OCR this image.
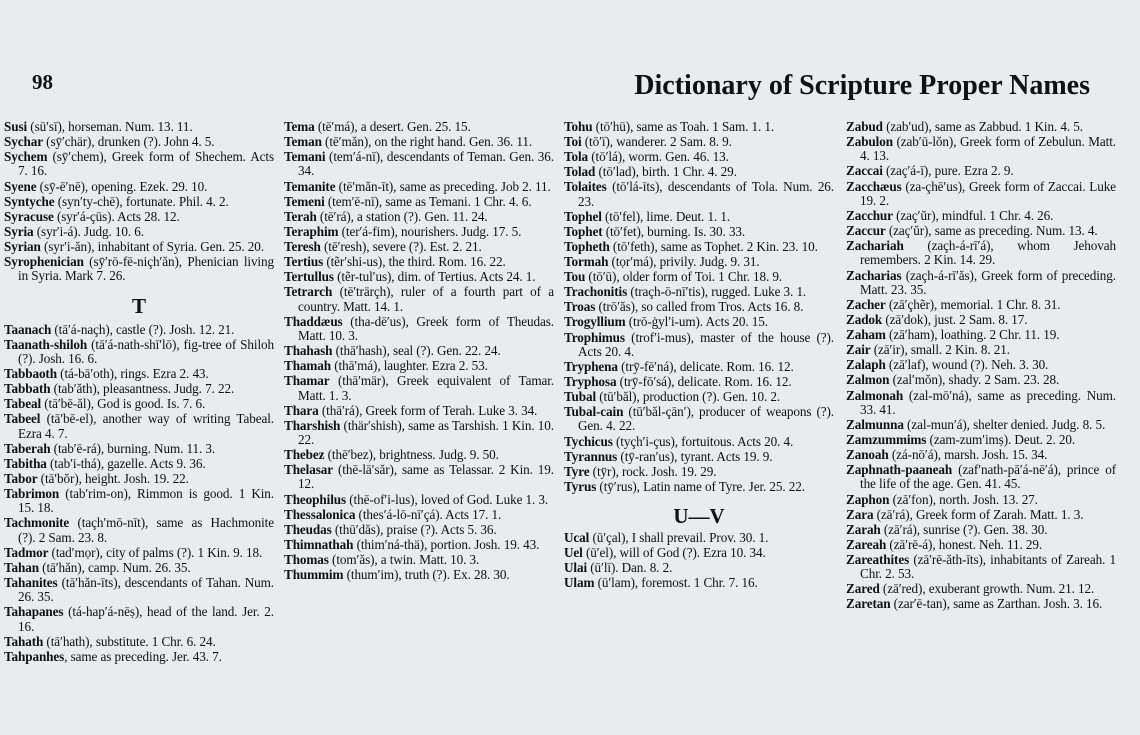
98	Dictionary of Scripture Proper Names

Susi (sū′sī), horseman. Num. 13. 11.

Sychar (sȳ′chär), drunken (?). John 4. 5.

Sychem (sȳ′chem), Greek form of Shechem. Acts 7. 16.

Syene (sȳ-ē′nē), opening. Ezek. 29. 10.

Syntyche (syn′ty-chē), fortunate. Phil. 4. 2.

Syracuse (syr′á-çūs). Acts 28. 12.

Syria (syr′i-á). Judg. 10. 6.

Syrian (syr′i-ăn), inhabitant of Syria. Gen. 25. 20.

Syrophenician (sȳ′rō-fē-niçh′ăn), Phenician living in Syria. Mark 7. 26.

T

Taanach (tā′á-naçh), castle (?). Josh. 12. 21.

Taanath-shiloh (tā′á-nath-shī′lō), fig-tree of Shiloh (?). Josh. 16. 6.

Tabbaoth (tá-bā′oth), rings. Ezra 2. 43.

Tabbath (tab′ăth), pleasantness. Judg. 7. 22.

Tabeal (tā′bē-ăl), God is good. Is. 7. 6.

Tabeel (tā′bē-el), another way of writing Tabeal. Ezra 4. 7.

Taberah (tab′ē-rá), burning. Num. 11. 3.

Tabitha (tab′i-thá), gazelle. Acts 9. 36.

Tabor (tā′bŏr), height. Josh. 19. 22.

Tabrimon (tab′rim-on), Rimmon is good. 1 Kin. 15. 18.

Tachmonite (taçh′mō-nīt), same as Hachmonite (?). 2 Sam. 23. 8.

Tadmor (tad′mọr), city of palms (?). 1 Kin. 9. 18.

Tahan (tā′hăn), camp. Num. 26. 35.

Tahanites (tā′hăn-īts), descendants of Tahan. Num. 26. 35.

Tahapanes (tá-hap′á-nēṣ), head of the land. Jer. 2. 16.

Tahath (tā′hath), substitute. 1 Chr. 6. 24.

Tahpanhes, same as preceding. Jer. 43. 7.

Tema (tē′má), a desert. Gen. 25. 15.

Teman (tē′măn), on the right hand. Gen. 36. 11.

Temani (tem′á-nī), descendants of Teman. Gen. 36. 34.

Temanite (tē′măn-īt), same as preceding. Job 2. 11.

Temeni (tem′ē-nī), same as Temani. 1 Chr. 4. 6.

Terah (tē′rá), a station (?). Gen. 11. 24.

Teraphim (ter′á-fim), nourishers. Judg. 17. 5.

Teresh (tē′resh), severe (?). Est. 2. 21.

Tertius (tẽr′shi-us), the third. Rom. 16. 22.

Tertullus (tẽr-tul′us), dim. of Tertius. Acts 24. 1.

Tetrarch (tē′trärçh), ruler of a fourth part of a country. Matt. 14. 1.

Thaddæus (tha-dē′us), Greek form of Theudas. Matt. 10. 3.

Thahash (thā′hash), seal (?). Gen. 22. 24.

Thamah (thā′má), laughter. Ezra 2. 53.

Thamar (thā′mär), Greek equivalent of Tamar. Matt. 1. 3.

Thara (thā′rá), Greek form of Terah. Luke 3. 34.

Tharshish (thär′shish), same as Tarshish. 1 Kin. 10. 22.

Thebez (thē′bez), brightness. Judg. 9. 50.

Thelasar (thē-lā′săr), same as Telassar. 2 Kin. 19. 12.

Theophilus (thē-of′i-lus), loved of God. Luke 1. 3.

Thessalonica (thes′á-lō-nī′çá). Acts 17. 1.

Theudas (thū′dăs), praise (?). Acts 5. 36.

Thimnathah (thim′ná-thä), portion. Josh. 19. 43.

Thomas (tom′ăs), a twin. Matt. 10. 3.

Thummim (thum′im), truth (?). Ex. 28. 30.

Tohu (tō′hū), same as Toah. 1 Sam. 1. 1.

Toi (tō′ī), wanderer. 2 Sam. 8. 9.

Tola (tō′lá), worm. Gen. 46. 13.

Tolad (tō′lad), birth. 1 Chr. 4. 29.

Tolaites (tō′lá-īts), descendants of Tola. Num. 26. 23.

Tophel (tō′fel), lime. Deut. 1. 1.

Tophet (tō′fet), burning. Is. 30. 33.

Topheth (tō′feth), same as Tophet. 2 Kin. 23. 10.

Tormah (tọr′má), privily. Judg. 9. 31.

Tou (tō′ū), older form of Toi. 1 Chr. 18. 9.

Trachonitis (traçh-ō-nī′tis), rugged. Luke 3. 1.

Troas (trō′ăs), so called from Tros. Acts 16. 8.

Trogyllium (trō-ġyl′i-um). Acts 20. 15.

Trophimus (trof′i-mus), master of the house (?). Acts 20. 4.

Tryphena (trȳ-fē′ná), delicate. Rom. 16. 12.

Tryphosa (trȳ-fō′sá), delicate. Rom. 16. 12.

Tubal (tū′băl), production (?). Gen. 10. 2.

Tubal-cain (tū′băl-çān′), producer of weapons (?). Gen. 4. 22.

Tychicus (tyçh′i-çus), fortuitous. Acts 20. 4.

Tyrannus (tȳ-ran′us), tyrant. Acts 19. 9.

Tyre (tȳr), rock. Josh. 19. 29.

Tyrus (tȳ′rus), Latin name of Tyre. Jer. 25. 22.

U—V

Ucal (ū′çal), I shall prevail. Prov. 30. 1.

Uel (ū′el), will of God (?). Ezra 10. 34.

Ulai (ū′lī). Dan. 8. 2.

Ulam (ū′lam), foremost. 1 Chr. 7. 16.

Zabud (zab′ud), same as Zabbud. 1 Kin. 4. 5.

Zabulon (zab′ū-lŏn), Greek form of Zebulun. Matt. 4. 13.

Zaccai (zaç′á-ī), pure. Ezra 2. 9.

Zacchæus (za-çhē′us), Greek form of Zaccai. Luke 19. 2.

Zacchur (zaç′ŭr), mindful. 1 Chr. 4. 26.

Zaccur (zaç′ŭr), same as preceding. Num. 13. 4.

Zachariah (zaçh-á-rī′á), whom Jehovah remembers. 2 Kin. 14. 29.

Zacharias (zaçh-á-rī′ăs), Greek form of preceding. Matt. 23. 35.

Zacher (zā′çhẽr), memorial. 1 Chr. 8. 31.

Zadok (zā′dok), just. 2 Sam. 8. 17.

Zaham (zā′ham), loathing. 2 Chr. 11. 19.

Zair (zā′ir), small. 2 Kin. 8. 21.

Zalaph (zā′laf), wound (?). Neh. 3. 30.

Zalmon (zal′mŏn), shady. 2 Sam. 23. 28.

Zalmonah (zal-mō′ná), same as preceding. Num. 33. 41.

Zalmunna (zal-mun′á), shelter denied. Judg. 8. 5.

Zamzummims (zam-zum′imṣ). Deut. 2. 20.

Zanoah (zá-nō′á), marsh. Josh. 15. 34.

Zaphnath-paaneah (zaf′nath-pā′á-nē′á), prince of the life of the age. Gen. 41. 45.

Zaphon (zā′fon), north. Josh. 13. 27.

Zara (zā′rá), Greek form of Zarah. Matt. 1. 3.

Zarah (zā′rá), sunrise (?). Gen. 38. 30.

Zareah (zā′rē-á), honest. Neh. 11. 29.

Zareathites (zā′rē-ăth-īts), inhabitants of Zareah. 1 Chr. 2. 53.

Zared (zā′red), exuberant growth. Num. 21. 12.

Zaretan (zar′ē-tan), same as Zarthan. Josh. 3. 16.
